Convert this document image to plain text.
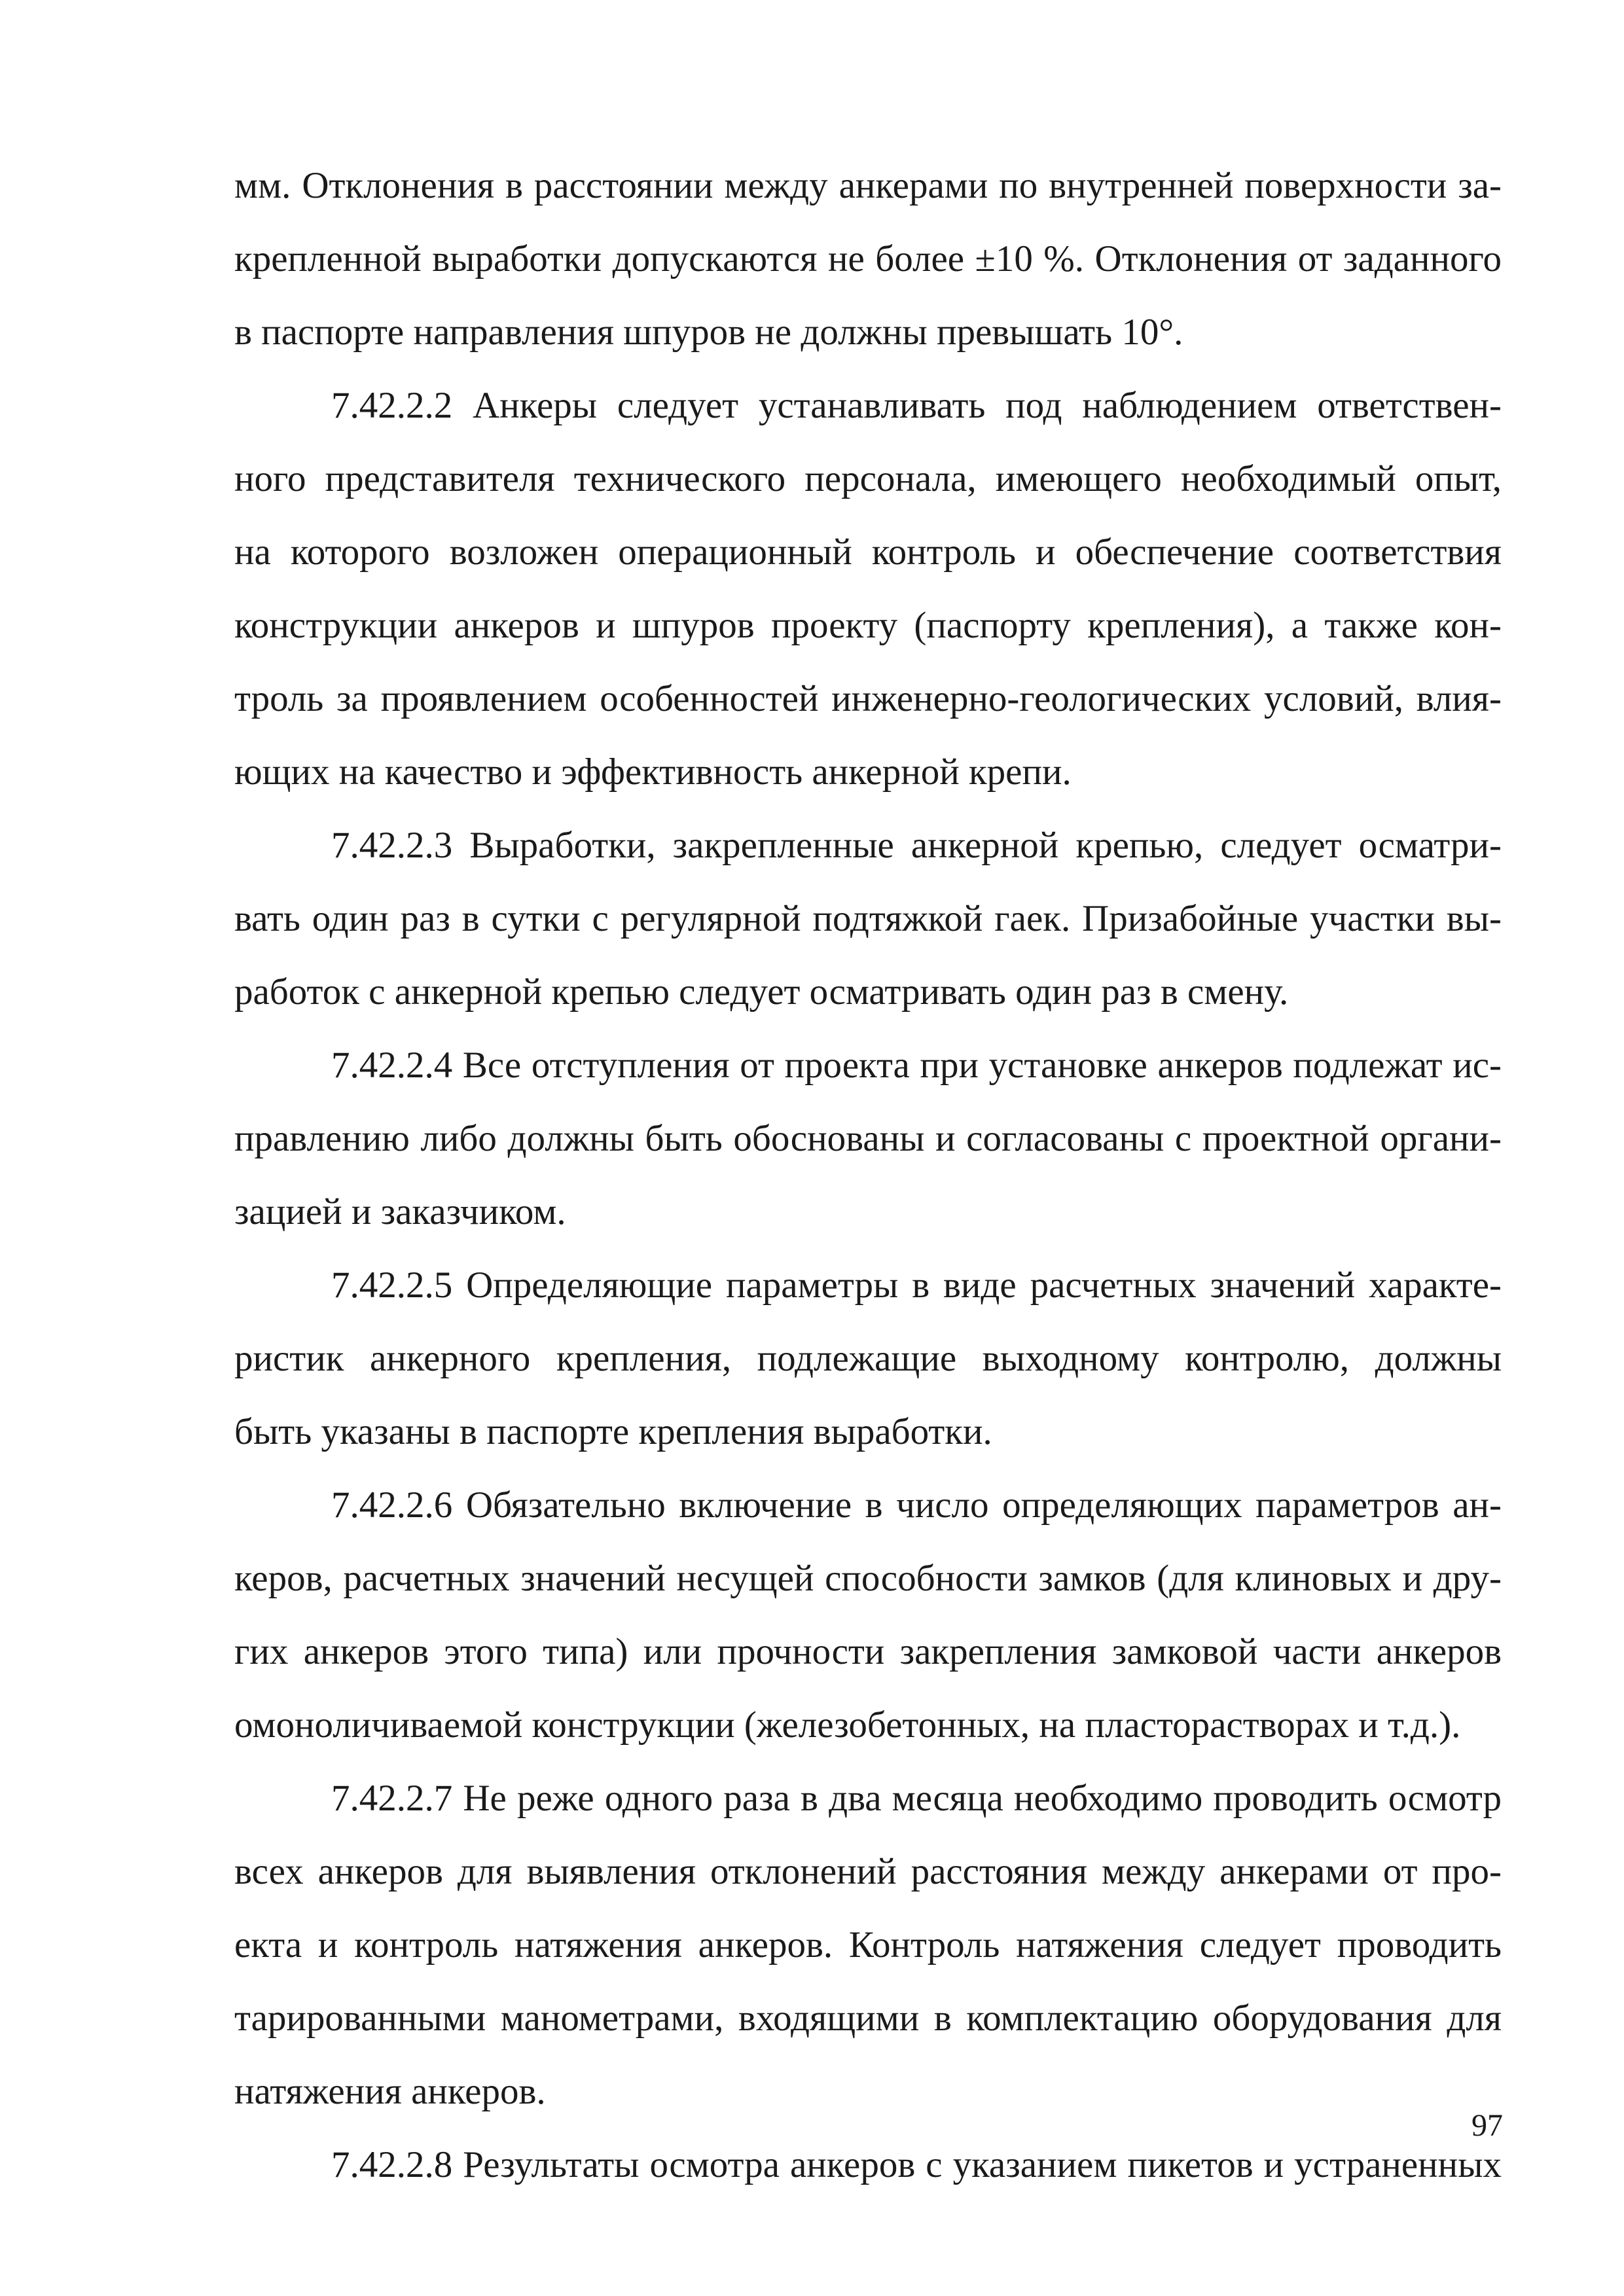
мм. Отклонения в расстоянии между анкерами по внутренней поверхности за-
крепленной выработки допускаются не более ±10 %. Отклонения от заданного
в паспорте направления шпуров не должны превышать 10°.

7.42.2.2 Анкеры следует устанавливать под наблюдением ответствен-
ного представителя технического персонала, имеющего необходимый опыт,
на которого возложен операционный контроль и обеспечение соответствия
конструкции анкеров и шпуров проекту (паспорту крепления), а также кон-
троль за проявлением особенностей инженерно-геологических условий, влия-
ющих на качество и эффективность анкерной крепи.

7.42.2.3 Выработки, закрепленные анкерной крепью, следует осматри-
вать один раз в сутки с регулярной подтяжкой гаек. Призабойные участки вы-
работок с анкерной крепью следует осматривать один раз в смену.

7.42.2.4 Все отступления от проекта при установке анкеров подлежат ис-
правлению либо должны быть обоснованы и согласованы с проектной органи-
зацией и заказчиком.

7.42.2.5 Определяющие параметры в виде расчетных значений характе-
ристик анкерного крепления, подлежащие выходному контролю, должны
быть указаны в паспорте крепления выработки.

7.42.2.6 Обязательно включение в число определяющих параметров ан-
керов, расчетных значений несущей способности замков (для клиновых и дру-
гих анкеров этого типа) или прочности закрепления замковой части анкеров
омоноличиваемой конструкции (железобетонных, на пласторастворах и т.д.).

7.42.2.7 Не реже одного раза в два месяца необходимо проводить осмотр
всех анкеров для выявления отклонений расстояния между анкерами от про-
екта и контроль натяжения анкеров. Контроль натяжения следует проводить
тарированными манометрами, входящими в комплектацию оборудования для
натяжения анкеров.

7.42.2.8 Результаты осмотра анкеров с указанием пикетов и устраненных

97
